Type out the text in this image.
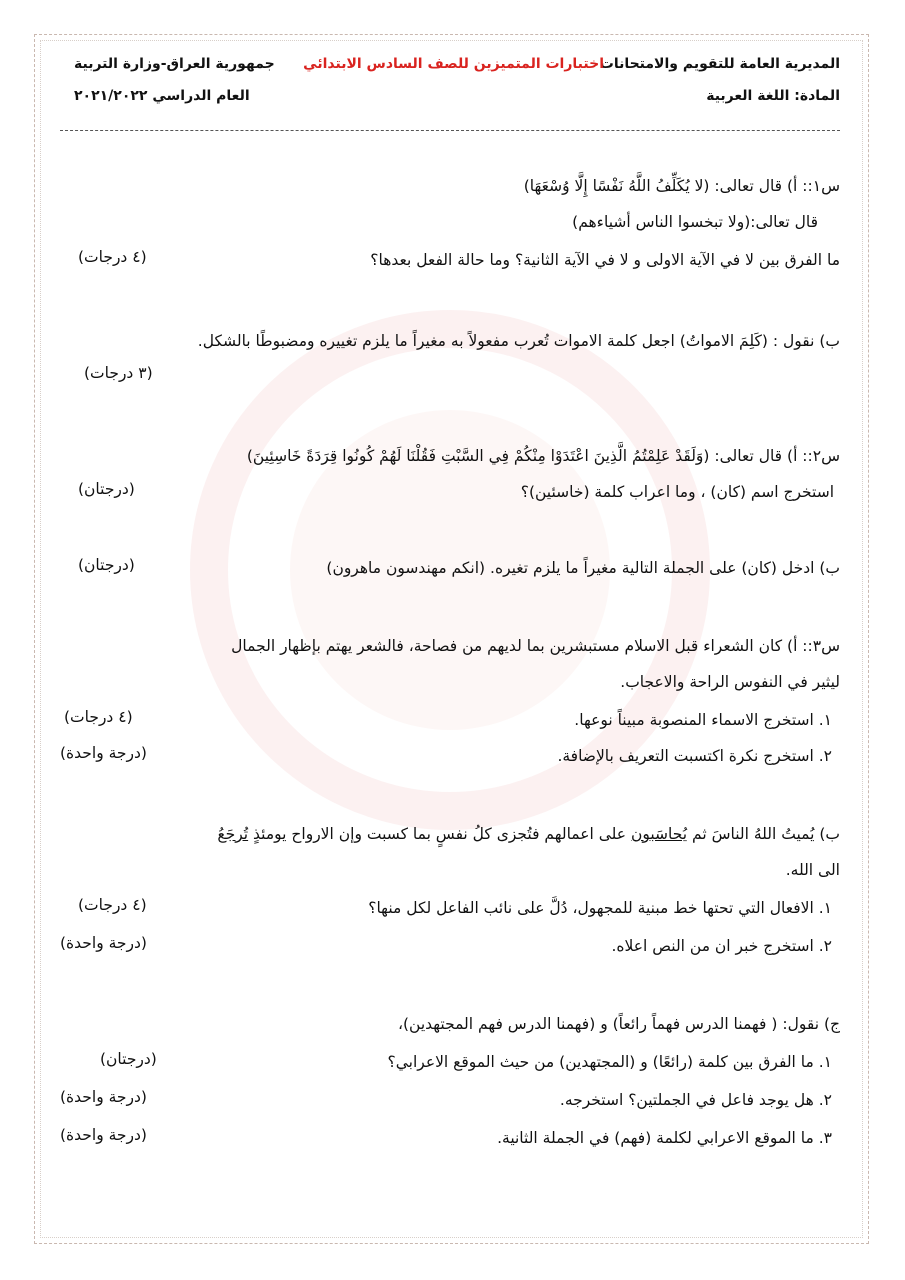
المديرية العامة للتقويم والامتحانات
المادة: اللغة العربية
اختبارات المتميزين للصف السادس الابتدائي
جمهورية العراق-وزارة التربية
العام الدراسي ٢٠٢١/٢٠٢٢
س١:: أ) قال تعالى: (لا يُكَلِّفُ اللَّهُ نَفْسًا إِلَّا وُسْعَهَا)
قال تعالى:(ولا تبخسوا الناس أشياءهم)
ما الفرق بين لا في الآية الاولى و لا في الآية الثانية؟ وما حالة الفعل بعدها؟
(٤ درجات)
ب) نقول : (كَلِمَ الامواتُ) اجعل كلمة الاموات تُعرب مفعولاً به مغيراً ما يلزم تغييره ومضبوطًا بالشكل.
(٣ درجات)
س٢:: أ) قال تعالى: (وَلَقَدْ عَلِمْتُمُ الَّذِينَ اعْتَدَوْا مِنْكُمْ فِي السَّبْتِ فَقُلْنَا لَهُمْ كُونُوا قِرَدَةً خَاسِئِينَ)
استخرج اسم (كان) ، وما اعراب كلمة (خاسئين)؟
(درجتان)
ب) ادخل (كان) على الجملة التالية مغيراً ما يلزم تغيره. (انكم مهندسون ماهرون)
(درجتان)
س٣:: أ) كان الشعراء قبل الاسلام مستبشرين بما لديهم من فصاحة، فالشعر يهتم بإظهار الجمال
ليثير في النفوس الراحة والاعجاب.
١. استخرج الاسماء المنصوبة مبيناً نوعها.
(٤ درجات)
٢. استخرج نكرة اكتسبت التعريف بالإضافة.
(درجة واحدة)
ب) يُميتُ اللهُ الناسَ ثم يُحاسَبون على اعمالهم فتُجزى كلُ نفسٍ بما كسبت وإن الارواح يومئذٍ تُرجَعُ
الى الله.
١. الافعال التي تحتها خط مبنية للمجهول، دُلَّ على نائب الفاعل لكل منها؟
(٤ درجات)
٢. استخرج خبر ان من النص اعلاه.
(درجة واحدة)
ج) نقول: ( فهمنا الدرس فهماً رائعاً) و (فهمنا الدرس فهم المجتهدين)،
١. ما الفرق بين كلمة (رائعًا) و (المجتهدين) من حيث الموقع الاعرابي؟
(درجتان)
٢. هل يوجد فاعل في الجملتين؟ استخرجه.
(درجة واحدة)
٣. ما الموقع الاعرابي لكلمة (فهم) في الجملة الثانية.
(درجة واحدة)
